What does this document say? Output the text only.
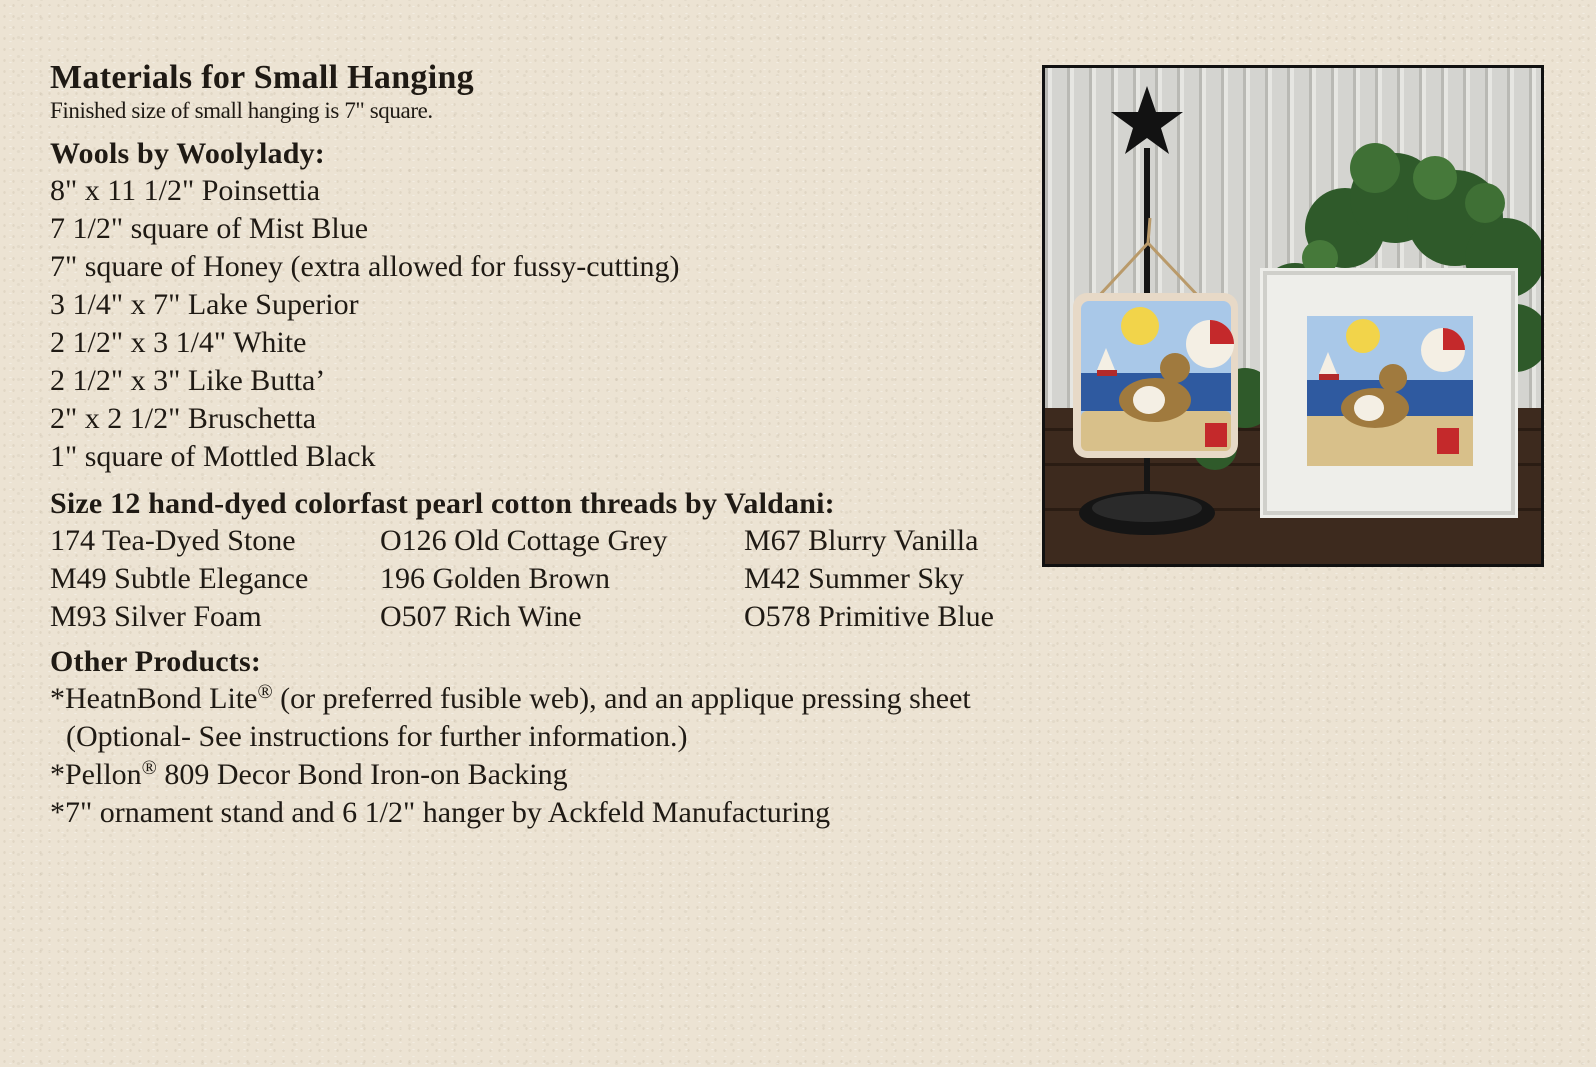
Materials for Small Hanging

Finished size of small hanging is 7" square.

Wools by Woolylady:

8" x 11 1/2" Poinsettia

7 1/2" square of Mist Blue

7" square of Honey (extra allowed for fussy-cutting)

3 1/4" x 7" Lake Superior

2 1/2" x 3 1/4" White

2 1/2" x 3" Like Butta’

2" x 2 1/2" Bruschetta

1" square of Mottled Black

Size 12 hand-dyed colorfast pearl cotton threads by Valdani:

174 Tea-Dyed Stone	O126 Old Cottage Grey	M67 Blurry Vanilla

M49 Subtle Elegance	196 Golden Brown	M42 Summer Sky

M93 Silver Foam	O507 Rich Wine	O578 Primitive Blue

Other Products:

*HeatnBond Lite® (or preferred fusible web), and an applique pressing sheet

(Optional- See instructions for further information.)

*Pellon® 809 Decor Bond Iron-on Backing

*7" ornament stand and 6 1/2" hanger by Ackfeld Manufacturing
